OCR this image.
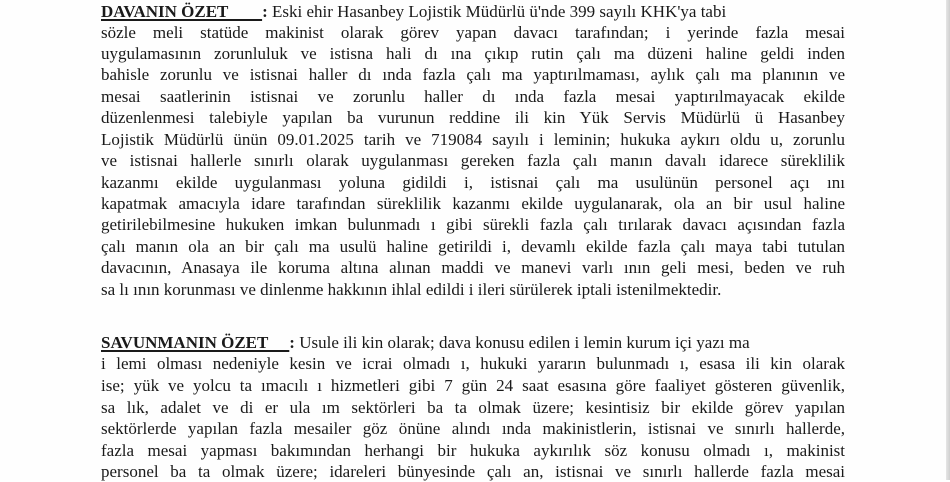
DAVANIN ÖZET        : Eski ehir Hasanbey Lojistik Müdürlü ü'nde 399 sayılı KHK'ya tabi
sözle meli statüde makinist olarak görev yapan davacı tarafından; i yerinde fazla mesai
uygulamasının zorunluluk ve istisna hali dı ına çıkıp rutin çalı ma düzeni haline geldi inden
bahisle zorunlu ve istisnai haller dı ında fazla çalı ma yaptırılmaması, aylık çalı ma planının ve
mesai saatlerinin istisnai ve zorunlu haller dı ında fazla mesai yaptırılmayacak ekilde
düzenlenmesi talebiyle yapılan ba vurunun reddine ili kin Yük Servis Müdürlü ü Hasanbey
Lojistik Müdürlü ünün 09.01.2025 tarih ve 719084 sayılı i leminin; hukuka aykırı oldu u, zorunlu
ve istisnai hallerle sınırlı olarak uygulanması gereken fazla çalı manın davalı idarece süreklilik
kazanmı ekilde uygulanması yoluna gidildi i, istisnai çalı ma usulünün personel açı ını
kapatmak amacıyla idare tarafından süreklilik kazanmı ekilde uygulanarak, ola an bir usul haline
getirilebilmesine hukuken imkan bulunmadı ı gibi sürekli fazla çalı tırılarak davacı açısından fazla
çalı manın ola an bir çalı ma usulü haline getirildi i, devamlı ekilde fazla çalı maya tabi tutulan
davacının, Anasaya ile koruma altına alınan maddi ve manevi varlı ının geli mesi, beden ve ruh
sa lı ının korunması ve dinlenme hakkının ihlal edildi i ileri sürülerek iptali istenilmektedir.
SAVUNMANIN ÖZET     : Usule ili kin olarak; dava konusu edilen i lemin kurum içi yazı ma
i lemi olması nedeniyle kesin ve icrai olmadı ı, hukuki yararın bulunmadı ı, esasa ili kin olarak
ise; yük ve yolcu ta ımacılı ı hizmetleri gibi 7 gün 24 saat esasına göre faaliyet gösteren güvenlik,
sa lık, adalet ve di er ula ım sektörleri ba ta olmak üzere; kesintisiz bir ekilde görev yapılan
sektörlerde yapılan fazla mesailer göz önüne alındı ında makinistlerin, istisnai ve sınırlı hallerde,
fazla mesai yapması bakımından herhangi bir hukuka aykırılık söz konusu olmadı ı, makinist
personel ba ta olmak üzere; idareleri bünyesinde çalı an, istisnai ve sınırlı hallerde fazla mesai
